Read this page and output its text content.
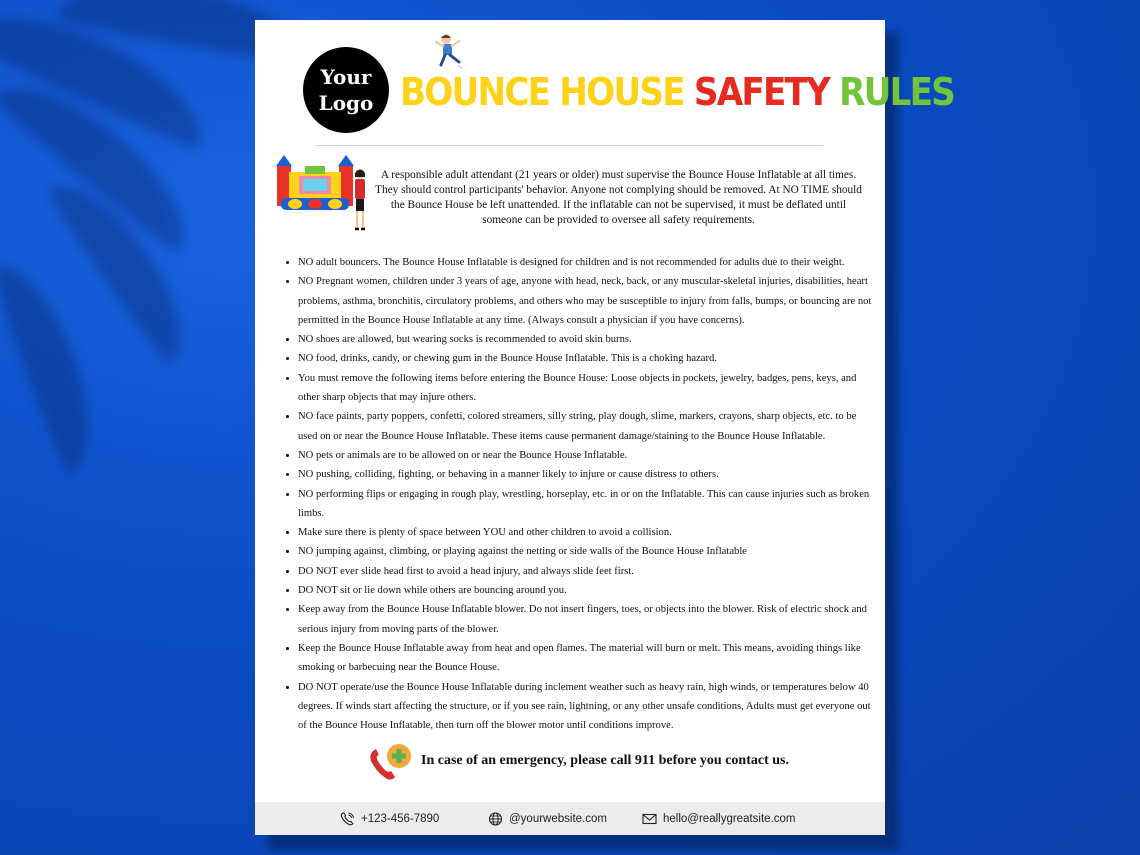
Your
Logo BOUNCE HOUSE SAFETY RULES
A responsible adult attendant (21 years or older) must supervise the Bounce House Inflatable at all times. They should control participants' behavior. Anyone not complying should be removed. At NO TIME should the Bounce House be left unattended. If the inflatable can not be supervised, it must be deflated until someone can be provided to oversee all safety requirements.
• NO adult bouncers. The Bounce House Inflatable is designed for children and is not recommended for adults due to their weight.
• NO Pregnant women, children under 3 years of age, anyone with head, neck, back, or any muscular-skeletal injuries, disabilities, heart problems, asthma, bronchitis, circulatory problems, and others who may be susceptible to injury from falls, bumps, or bouncing are not permitted in the Bounce House Inflatable at any time. (Always consult a physician if you have concerns).
• NO shoes are allowed, but wearing socks is recommended to avoid skin burns.
• NO food, drinks, candy, or chewing gum in the Bounce House Inflatable. This is a choking hazard.
• You must remove the following items before entering the Bounce House: Loose objects in pockets, jewelry, badges, pens, keys, and other sharp objects that may injure others.
• NO face paints, party poppers, confetti, colored streamers, silly string, play dough, slime, markers, crayons, sharp objects, etc. to be used on or near the Bounce House Inflatable. These items cause permanent damage/staining to the Bounce House Inflatable.
• NO pets or animals are to be allowed on or near the Bounce House Inflatable.
• NO pushing, colliding, fighting, or behaving in a manner likely to injure or cause distress to others.
• NO performing flips or engaging in rough play, wrestling, horseplay, etc. in or on the Inflatable. This can cause injuries such as broken limbs.
• Make sure there is plenty of space between YOU and other children to avoid a collision.
• NO jumping against, climbing, or playing against the netting or side walls of the Bounce House Inflatable
• DO NOT ever slide head first to avoid a head injury, and always slide feet first.
• DO NOT sit or lie down while others are bouncing around you.
• Keep away from the Bounce House Inflatable blower. Do not insert fingers, toes, or objects into the blower. Risk of electric shock and serious injury from moving parts of the blower.
• Keep the Bounce House Inflatable away from heat and open flames. The material will burn or melt. This means, avoiding things like smoking or barbecuing near the Bounce House.
• DO NOT operate/use the Bounce House Inflatable during inclement weather such as heavy rain, high winds, or temperatures below 40 degrees. If winds start affecting the structure, or if you see rain, lightning, or any other unsafe conditions, Adults must get everyone out of the Bounce House Inflatable, then turn off the blower motor until conditions improve.
In case of an emergency, please call 911 before you contact us.
+123-456-7890	@yourwebsite.com	hello@reallygreatsite.com
